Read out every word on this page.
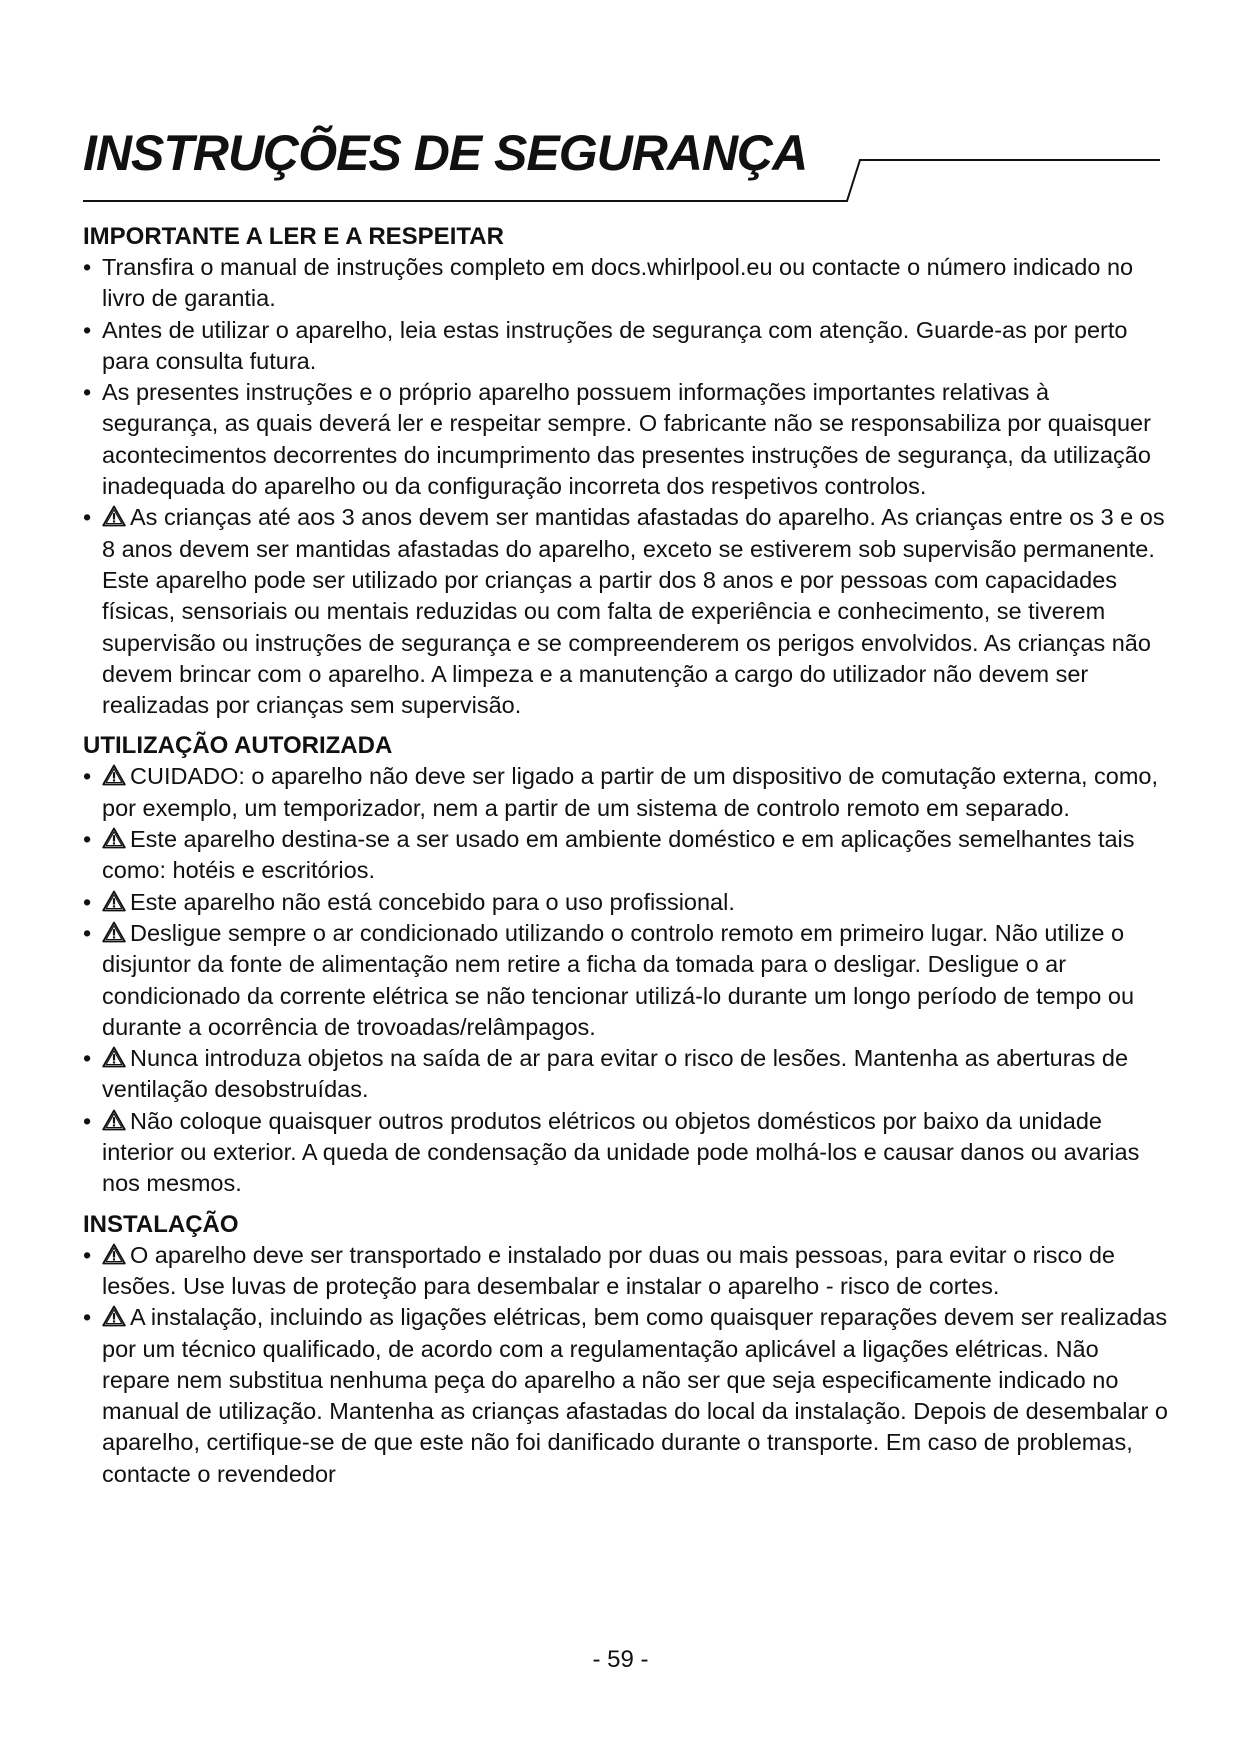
INSTRUÇÕES DE SEGURANÇA
IMPORTANTE A LER E A RESPEITAR
• Transfira o manual de instruções completo em docs.whirlpool.eu ou contacte o número indicado no livro de garantia.
• Antes de utilizar o aparelho, leia estas instruções de segurança com atenção. Guarde-as por perto para consulta futura.
• As presentes instruções e o próprio aparelho possuem informações importantes relativas à segurança, as quais deverá ler e respeitar sempre. O fabricante não se responsabiliza por quaisquer acontecimentos decorrentes do incumprimento das presentes instruções de segurança, da utilização inadequada do aparelho ou da configuração incorreta dos respetivos controlos.
• As crianças até aos 3 anos devem ser mantidas afastadas do aparelho. As crianças entre os 3 e os 8 anos devem ser mantidas afastadas do aparelho, exceto se estiverem sob supervisão permanente. Este aparelho pode ser utilizado por crianças a partir dos 8 anos e por pessoas com capacidades físicas, sensoriais ou mentais reduzidas ou com falta de experiência e conhecimento, se tiverem supervisão ou instruções de segurança e se compreenderem os perigos envolvidos. As crianças não devem brincar com o aparelho. A limpeza e a manutenção a cargo do utilizador não devem ser realizadas por crianças sem supervisão.
UTILIZAÇÃO AUTORIZADA
• CUIDADO: o aparelho não deve ser ligado a partir de um dispositivo de comutação externa, como, por exemplo, um temporizador, nem a partir de um sistema de controlo remoto em separado.
• Este aparelho destina-se a ser usado em ambiente doméstico e em aplicações semelhantes tais como: hotéis e escritórios.
• Este aparelho não está concebido para o uso profissional.
• Desligue sempre o ar condicionado utilizando o controlo remoto em primeiro lugar. Não utilize o disjuntor da fonte de alimentação nem retire a ficha da tomada para o desligar. Desligue o ar condicionado da corrente elétrica se não tencionar utilizá-lo durante um longo período de tempo ou durante a ocorrência de trovoadas/relâmpagos.
• Nunca introduza objetos na saída de ar para evitar o risco de lesões. Mantenha as aberturas de ventilação desobstruídas.
• Não coloque quaisquer outros produtos elétricos ou objetos domésticos por baixo da unidade interior ou exterior. A queda de condensação da unidade pode molhá-los e causar danos ou avarias nos mesmos.
INSTALAÇÃO
• O aparelho deve ser transportado e instalado por duas ou mais pessoas, para evitar o risco de lesões. Use luvas de proteção para desembalar e instalar o aparelho - risco de cortes.
• A instalação, incluindo as ligações elétricas, bem como quaisquer reparações devem ser realizadas por um técnico qualificado, de acordo com a regulamentação aplicável a ligações elétricas. Não repare nem substitua nenhuma peça do aparelho a não ser que seja especificamente indicado no manual de utilização. Mantenha as crianças afastadas do local da instalação. Depois de desembalar o aparelho, certifique-se de que este não foi danificado durante o transporte. Em caso de problemas, contacte o revendedor
- 59 -
